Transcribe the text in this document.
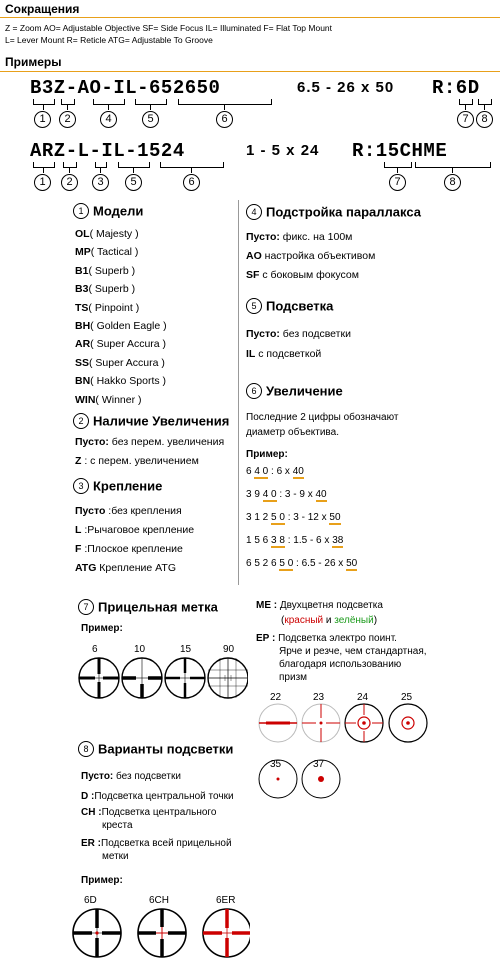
Сокращения
Z = Zoom AO= Adjustable Objective SF= Side Focus IL= Illuminated F= Flat Top Mount
L= Lever Mount R= Reticle ATG= Adjustable To Groove
Примеры
B3Z-AO-IL-652650	6.5 - 26 x 50 R:6D
1	2	4	5	6	7	8
ARZ-L-IL-1524	1 - 5 x 24 R:15CHME
1	2	3	5	6	7	8
1 Модели
OL( Majesty )
MP( Tactical )
B1( Superb )
B3( Superb )
TS( Pinpoint )
BH( Golden Eagle )
AR( Super Accura )
SS( Super Accura )
BN( Hakko Sports )
WIN( Winner )
2 Наличие Увеличения
Пусто: без перем. увеличения
Z : с перем. увеличением
3 Крепление
Пусто :без крепления
L :Рычаговое крепление
F :Плоское крепление
ATG Крепление ATG
4 Подстройка параллакса
Пусто: фикс. на 100м
AO настройка объективом
SF с боковым фокусом
5 Подсветка
Пусто: без подсветки
IL с подсветкой
6 Увеличение
Последние 2 цифры обозначают
диаметр объектива.
Пример:
6 4 0 : 6 x 40
3 9 4 0 : 3 - 9 x 40
3 1 2 5 0 : 3 - 12 x 50
1 5 6 3 8 : 1.5 - 6 x 38
6 5 2 6 5 0 : 6.5 - 26 x 50
7 Прицельная метка
Пример:
6	10	15	90
ME : Двухцветня подсветка
(красный и зелёный)
EP : Подсветка электро поинт.
Ярче и резче, чем стандартная,
благодаря использованию
призм
22	23	24	25
35	37
8 Варианты подсветки
Пусто: без подсветки
D :Подсветка центральной точки
CH :Подсветка центрального
креста
ER :Подсветка всей прицельной
метки
Пример:
6D	6CH	6ER
